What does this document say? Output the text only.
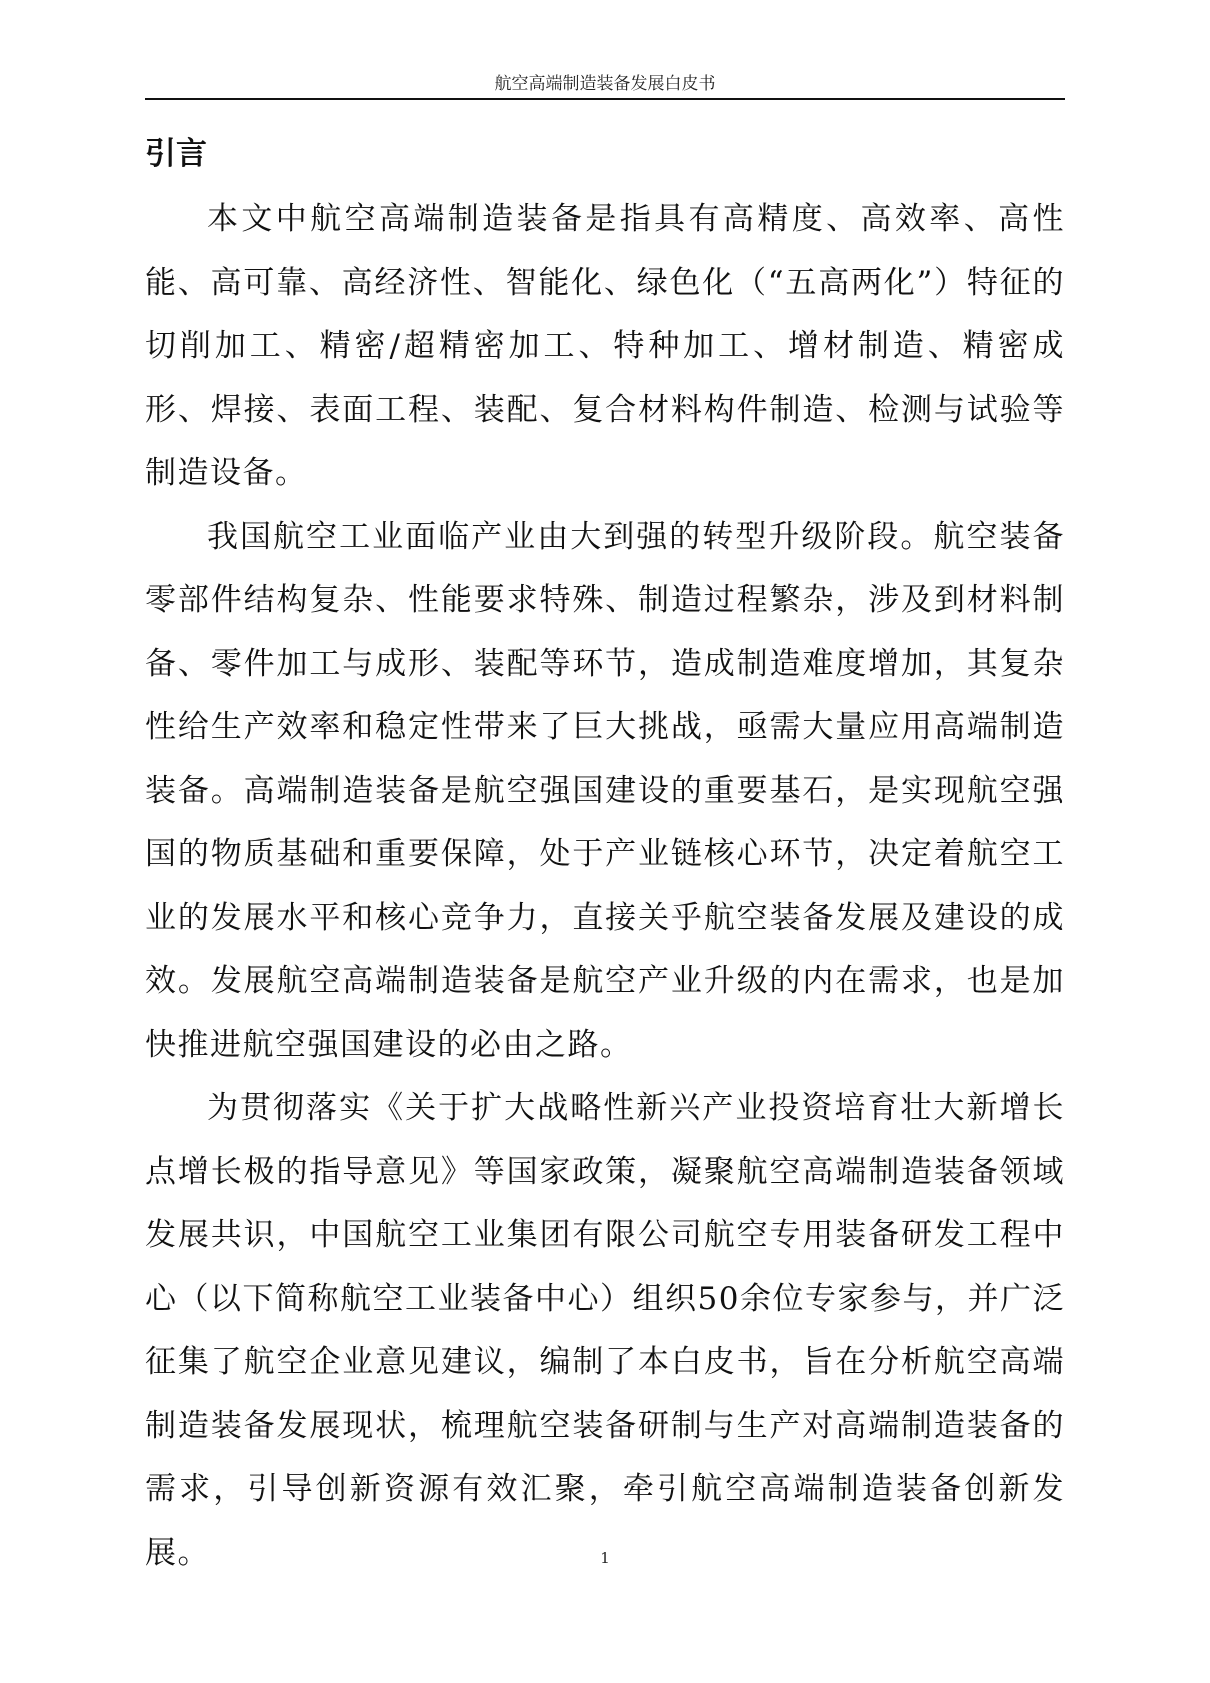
航空高端制造装备发展白皮书
引言

本文中航空高端制造装备是指具有高精度、高效率、高性能、高可靠、高经济性、智能化、绿色化（“五高两化”）特征的切削加工、精密/超精密加工、特种加工、增材制造、精密成形、焊接、表面工程、装配、复合材料构件制造、检测与试验等制造设备。

我国航空工业面临产业由大到强的转型升级阶段。航空装备零部件结构复杂、性能要求特殊、制造过程繁杂，涉及到材料制备、零件加工与成形、装配等环节，造成制造难度增加，其复杂性给生产效率和稳定性带来了巨大挑战，亟需大量应用高端制造装备。高端制造装备是航空强国建设的重要基石，是实现航空强国的物质基础和重要保障，处于产业链核心环节，决定着航空工业的发展水平和核心竞争力，直接关乎航空装备发展及建设的成效。发展航空高端制造装备是航空产业升级的内在需求，也是加快推进航空强国建设的必由之路。

为贯彻落实《关于扩大战略性新兴产业投资培育壮大新增长点增长极的指导意见》等国家政策，凝聚航空高端制造装备领域发展共识，中国航空工业集团有限公司航空专用装备研发工程中心（以下简称航空工业装备中心）组织50余位专家参与，并广泛征集了航空企业意见建议，编制了本白皮书，旨在分析航空高端制造装备发展现状，梳理航空装备研制与生产对高端制造装备的需求，引导创新资源有效汇聚，牵引航空高端制造装备创新发展。	1
